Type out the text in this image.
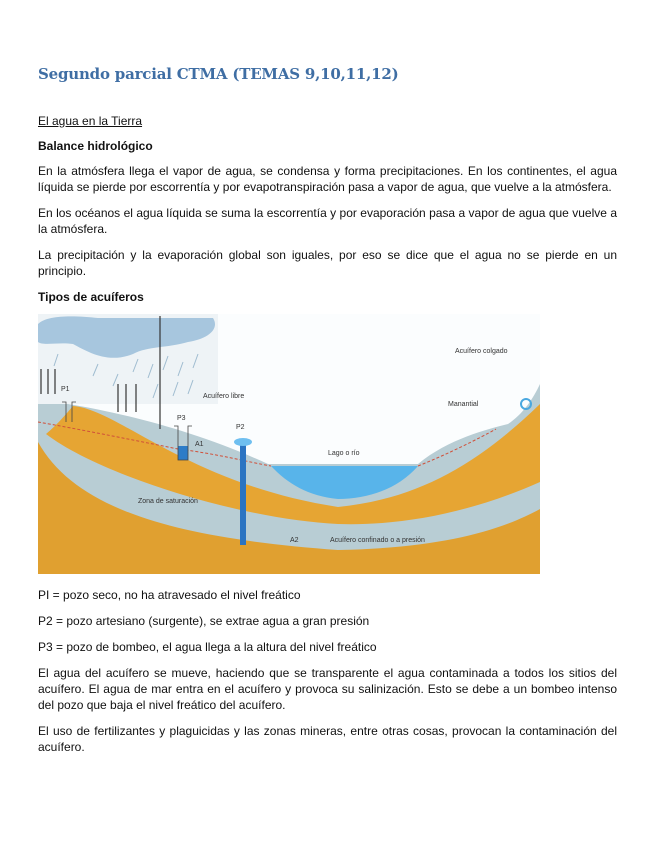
Segundo parcial CTMA (TEMAS 9,10,11,12)
El agua en la Tierra
Balance hidrológico
En la atmósfera llega el vapor de agua, se condensa y forma precipitaciones. En los continentes, el agua líquida se pierde por escorrentía y por evapotranspiración pasa a vapor de agua, que vuelve a la atmósfera.
En los océanos el agua líquida se suma la escorrentía y por evaporación pasa a vapor de agua que vuelve a la atmósfera.
La precipitación y la evaporación global son iguales, por eso se dice que el agua no se pierde en un principio.
Tipos de acuíferos
Acuífero colgado
P1
Acuífero libre
P3
P2
A1
Manantial
Lago o río
Zona de saturación
A2	Acuífero confinado o a presión
PI = pozo seco, no ha atravesado el nivel freático
P2 = pozo artesiano (surgente), se extrae agua a gran presión
P3 = pozo de bombeo, el agua llega a la altura del nivel freático
El agua del acuífero se mueve, haciendo que se transparente el agua contaminada a todos los sitios del acuífero. El agua de mar entra en el acuífero y provoca su salinización. Esto se debe a un bombeo intenso del pozo que baja el nivel freático del acuífero.
El uso de fertilizantes y plaguicidas y las zonas mineras, entre otras cosas, provocan la contaminación del acuífero.
